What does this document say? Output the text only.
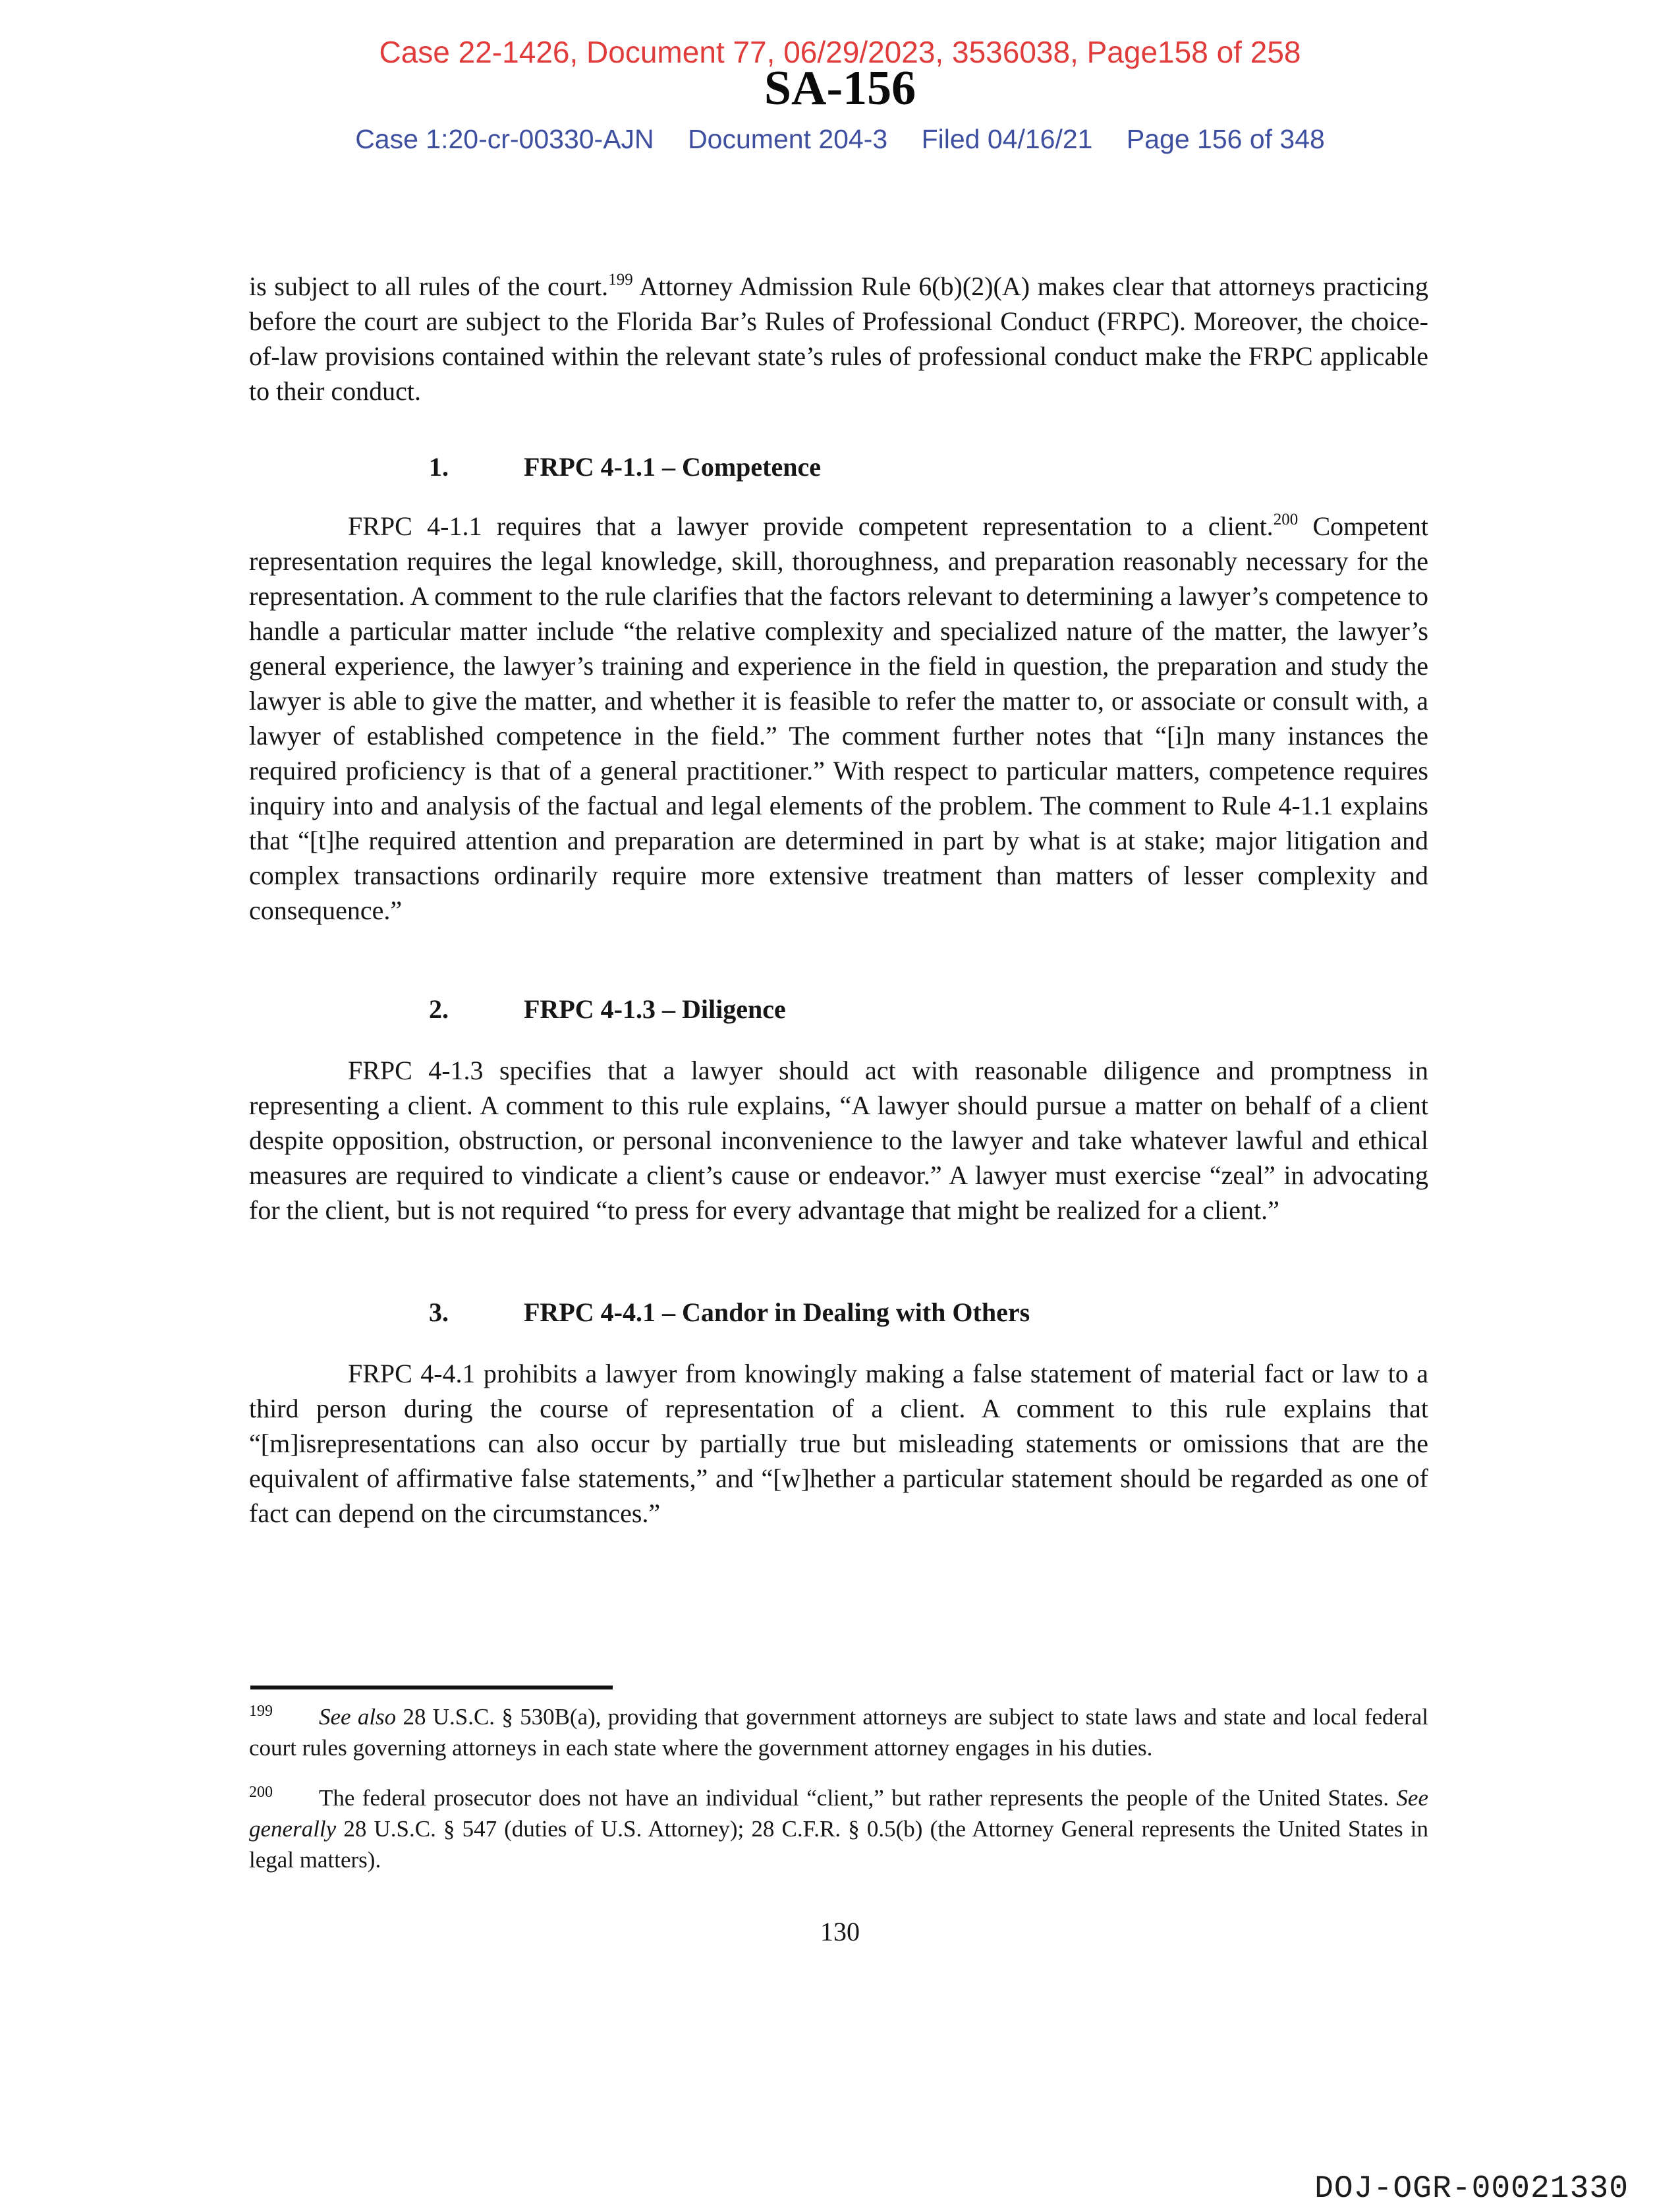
Case 22-1426, Document 77, 06/29/2023, 3536038, Page158 of 258
SA-156
Case 1:20-cr-00330-AJN Document 204-3 Filed 04/16/21 Page 156 of 348

is subject to all rules of the court.$^{199}$ Attorney Admission Rule 6(b)(2)(A) makes clear that attorneys practicing before the court are subject to the Florida Bar’s Rules of Professional Conduct (FRPC). Moreover, the choice-of-law provisions contained within the relevant state’s rules of professional conduct make the FRPC applicable to their conduct.

1.	FRPC 4-1.1 – Competence

FRPC 4-1.1 requires that a lawyer provide competent representation to a client.$^{200}$ Competent representation requires the legal knowledge, skill, thoroughness, and preparation reasonably necessary for the representation. A comment to the rule clarifies that the factors relevant to determining a lawyer’s competence to handle a particular matter include “the relative complexity and specialized nature of the matter, the lawyer’s general experience, the lawyer’s training and experience in the field in question, the preparation and study the lawyer is able to give the matter, and whether it is feasible to refer the matter to, or associate or consult with, a lawyer of established competence in the field.” The comment further notes that “[i]n many instances the required proficiency is that of a general practitioner.” With respect to particular matters, competence requires inquiry into and analysis of the factual and legal elements of the problem. The comment to Rule 4-1.1 explains that “[t]he required attention and preparation are determined in part by what is at stake; major litigation and complex transactions ordinarily require more extensive treatment than matters of lesser complexity and consequence.”

2.	FRPC 4-1.3 – Diligence

FRPC 4-1.3 specifies that a lawyer should act with reasonable diligence and promptness in representing a client. A comment to this rule explains, “A lawyer should pursue a matter on behalf of a client despite opposition, obstruction, or personal inconvenience to the lawyer and take whatever lawful and ethical measures are required to vindicate a client’s cause or endeavor.” A lawyer must exercise “zeal” in advocating for the client, but is not required “to press for every advantage that might be realized for a client.”

3.	FRPC 4-4.1 – Candor in Dealing with Others

FRPC 4-4.1 prohibits a lawyer from knowingly making a false statement of material fact or law to a third person during the course of representation of a client. A comment to this rule explains that “[m]isrepresentations can also occur by partially true but misleading statements or omissions that are the equivalent of affirmative false statements,” and “[w]hether a particular statement should be regarded as one of fact can depend on the circumstances.”

$^{199}$ See also 28 U.S.C. § 530B(a), providing that government attorneys are subject to state laws and state and local federal court rules governing attorneys in each state where the government attorney engages in his duties.

$^{200}$ The federal prosecutor does not have an individual “client,” but rather represents the people of the United States. See generally 28 U.S.C. § 547 (duties of U.S. Attorney); 28 C.F.R. § 0.5(b) (the Attorney General represents the United States in legal matters).

130
DOJ-OGR-00021330
